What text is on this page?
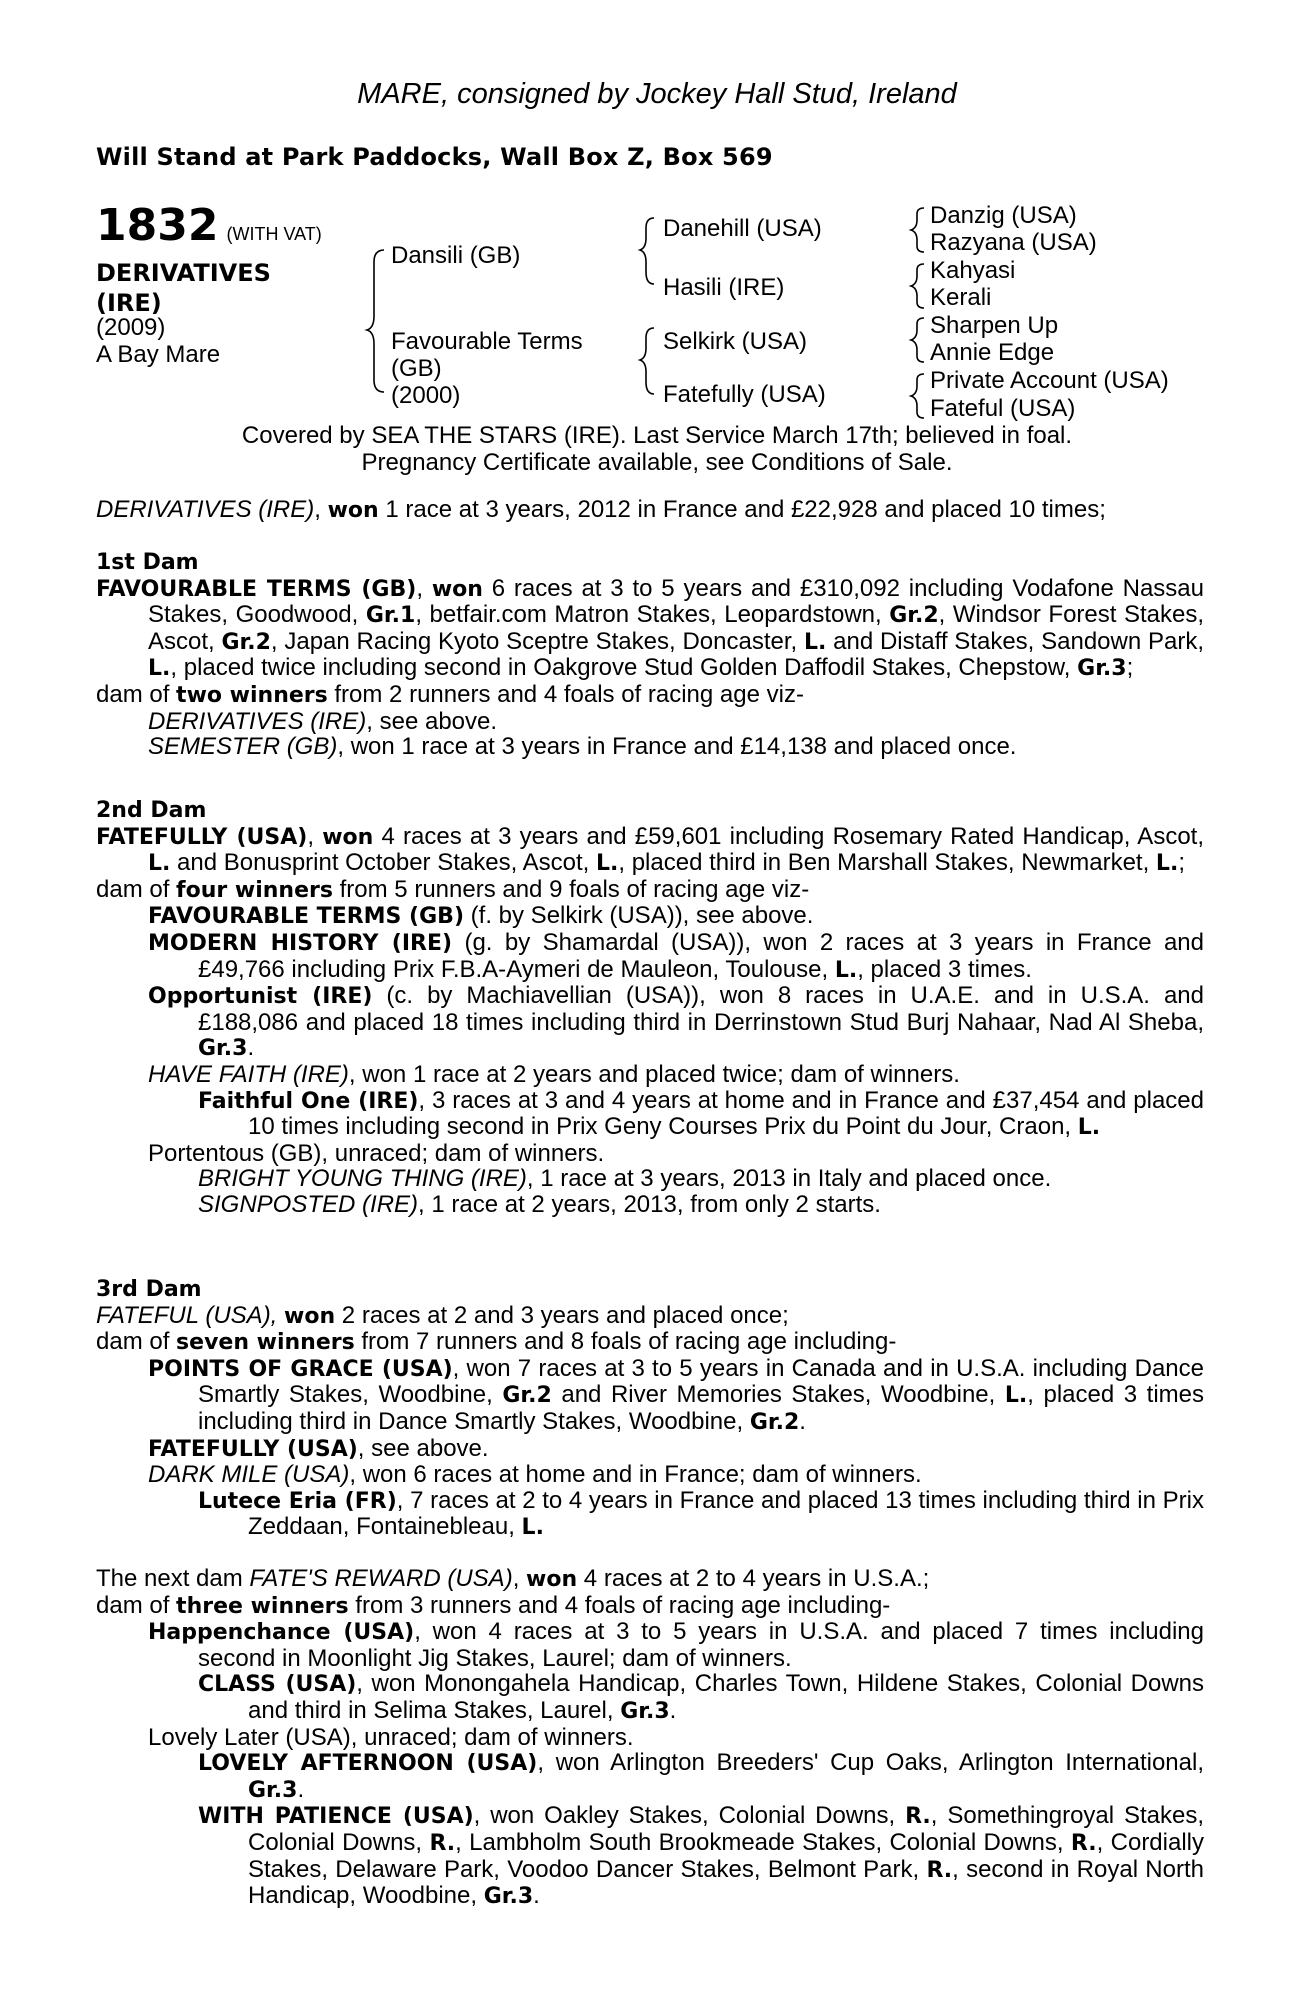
MARE, consigned by Jockey Hall Stud, Ireland
Will Stand at Park Paddocks, Wall Box Z, Box 569
1832 (WITH VAT)
DERIVATIVES
(IRE)
(2009)
A Bay Mare
Dansili (GB)
Favourable Terms
(GB)
(2000)
Danehill (USA)
Hasili (IRE)
Selkirk (USA)
Fatefully (USA)
Danzig (USA)
Razyana (USA)
Kahyasi
Kerali
Sharpen Up
Annie Edge
Private Account (USA)
Fateful (USA)
Covered by SEA THE STARS (IRE). Last Service March 17th; believed in foal.
Pregnancy Certificate available, see Conditions of Sale.

DERIVATIVES (IRE), won 1 race at 3 years, 2012 in France and £22,928 and placed 10 times;

1st Dam

FAVOURABLE TERMS (GB), won 6 races at 3 to 5 years and £310,092 including Vodafone Nassau Stakes, Goodwood, Gr.1, betfair.com Matron Stakes, Leopardstown, Gr.2, Windsor Forest Stakes, Ascot, Gr.2, Japan Racing Kyoto Sceptre Stakes, Doncaster, L. and Distaff Stakes, Sandown Park, L., placed twice including second in Oakgrove Stud Golden Daffodil Stakes, Chepstow, Gr.3;

dam of two winners from 2 runners and 4 foals of racing age viz-

DERIVATIVES (IRE), see above.

SEMESTER (GB), won 1 race at 3 years in France and £14,138 and placed once.

2nd Dam

FATEFULLY (USA), won 4 races at 3 years and £59,601 including Rosemary Rated Handicap, Ascot, L. and Bonusprint October Stakes, Ascot, L., placed third in Ben Marshall Stakes, Newmarket, L.;

dam of four winners from 5 runners and 9 foals of racing age viz-

FAVOURABLE TERMS (GB) (f. by Selkirk (USA)), see above.

MODERN HISTORY (IRE) (g. by Shamardal (USA)), won 2 races at 3 years in France and £49,766 including Prix F.B.A-Aymeri de Mauleon, Toulouse, L., placed 3 times.

Opportunist (IRE) (c. by Machiavellian (USA)), won 8 races in U.A.E. and in U.S.A. and £188,086 and placed 18 times including third in Derrinstown Stud Burj Nahaar, Nad Al Sheba, Gr.3.

HAVE FAITH (IRE), won 1 race at 2 years and placed twice; dam of winners.

Faithful One (IRE), 3 races at 3 and 4 years at home and in France and £37,454 and placed 10 times including second in Prix Geny Courses Prix du Point du Jour, Craon, L.

Portentous (GB), unraced; dam of winners.

BRIGHT YOUNG THING (IRE), 1 race at 3 years, 2013 in Italy and placed once.

SIGNPOSTED (IRE), 1 race at 2 years, 2013, from only 2 starts.

3rd Dam

FATEFUL (USA), won 2 races at 2 and 3 years and placed once;

dam of seven winners from 7 runners and 8 foals of racing age including-

POINTS OF GRACE (USA), won 7 races at 3 to 5 years in Canada and in U.S.A. including Dance Smartly Stakes, Woodbine, Gr.2 and River Memories Stakes, Woodbine, L., placed 3 times including third in Dance Smartly Stakes, Woodbine, Gr.2.

FATEFULLY (USA), see above.

DARK MILE (USA), won 6 races at home and in France; dam of winners.

Lutece Eria (FR), 7 races at 2 to 4 years in France and placed 13 times including third in Prix Zeddaan, Fontainebleau, L.

The next dam FATE'S REWARD (USA), won 4 races at 2 to 4 years in U.S.A.;

dam of three winners from 3 runners and 4 foals of racing age including-

Happenchance (USA), won 4 races at 3 to 5 years in U.S.A. and placed 7 times including second in Moonlight Jig Stakes, Laurel; dam of winners.

CLASS (USA), won Monongahela Handicap, Charles Town, Hildene Stakes, Colonial Downs and third in Selima Stakes, Laurel, Gr.3.

Lovely Later (USA), unraced; dam of winners.

LOVELY AFTERNOON (USA), won Arlington Breeders' Cup Oaks, Arlington International, Gr.3.

WITH PATIENCE (USA), won Oakley Stakes, Colonial Downs, R., Somethingroyal Stakes, Colonial Downs, R., Lambholm South Brookmeade Stakes, Colonial Downs, R., Cordially Stakes, Delaware Park, Voodoo Dancer Stakes, Belmont Park, R., second in Royal North Handicap, Woodbine, Gr.3.
